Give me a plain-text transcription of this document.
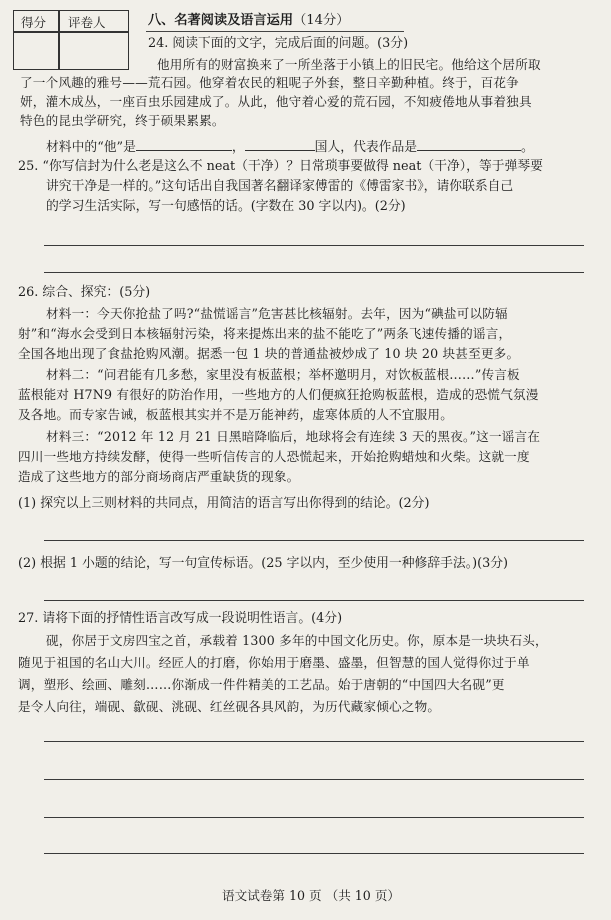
得分 评卷人	八、名著阅读及语言运用（14分）
24. 阅读下面的文字，完成后面的问题。(3分)
他用所有的财富换来了一所坐落于小镇上的旧民宅。他给这个居所取
了一个风趣的雅号——荒石园。他穿着农民的粗呢子外套，整日辛勤种植。终于，百花争
妍，灌木成丛，一座百虫乐园建成了。从此，他守着心爱的荒石园，不知疲倦地从事着独具
特色的昆虫学研究，终于硕果累累。
材料中的“他”是	，	国人，代表作品是	。
25. “你写信封为什么老是这么不 neat（干净）？日常琐事要做得 neat（干净），等于弹琴要
讲究干净是一样的。”这句话出自我国著名翻译家傅雷的《傅雷家书》，请你联系自己
的学习生活实际，写一句感悟的话。(字数在 30 字以内)。(2分)
26. 综合、探究：(5分)
材料一：今天你抢盐了吗?“盐慌谣言”危害甚比核辐射。去年，因为“碘盐可以防辐
射”和“海水会受到日本核辐射污染，将来提炼出来的盐不能吃了”两条飞速传播的谣言，
全国各地出现了食盐抢购风潮。据悉一包 1 块的普通盐被炒成了 10 块 20 块甚至更多。
材料二：“问君能有几多愁，家里没有板蓝根；举杯邀明月，对饮板蓝根……”传言板
蓝根能对 H7N9 有很好的防治作用，一些地方的人们便疯狂抢购板蓝根，造成的恐慌气氛漫
及各地。而专家告诫，板蓝根其实并不是万能神药，虚寒体质的人不宜服用。
材料三：“2012 年 12 月 21 日黑暗降临后，地球将会有连续 3 天的黑夜。”这一谣言在
四川一些地方持续发酵，使得一些听信传言的人恐慌起来，开始抢购蜡烛和火柴。这就一度
造成了这些地方的部分商场商店严重缺货的现象。
(1) 探究以上三则材料的共同点，用简洁的语言写出你得到的结论。(2分)
(2) 根据 1 小题的结论，写一句宣传标语。(25 字以内，至少使用一种修辞手法。)(3分)
27. 请将下面的抒情性语言改写成一段说明性语言。(4分)
砚，你居于文房四宝之首，承载着 1300 多年的中国文化历史。你，原本是一块块石头，
随见于祖国的名山大川。经匠人的打磨，你始用于磨墨、盛墨，但智慧的国人觉得你过于单
调，塑形、绘画、雕刻……你渐成一件件精美的工艺品。始于唐朝的“中国四大名砚”更
是令人向往，端砚、歙砚、洮砚、红丝砚各具风韵，为历代藏家倾心之物。
语文试卷第 10 页 （共 10 页）
